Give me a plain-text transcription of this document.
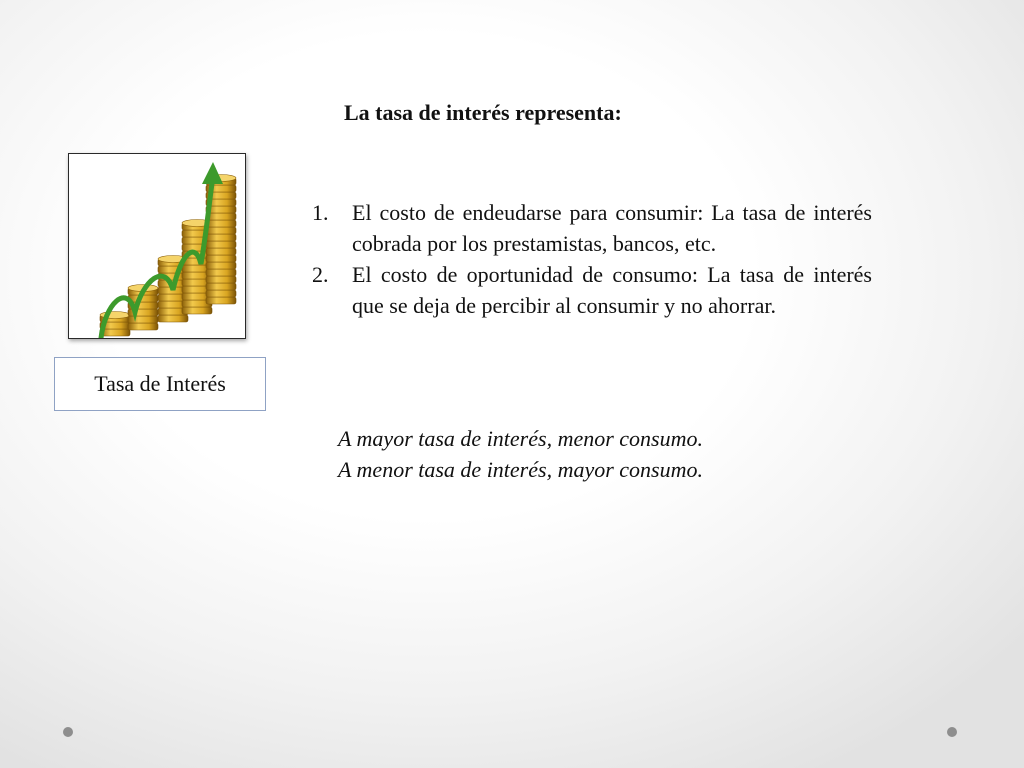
La tasa de interés representa:
Tasa de Interés
1. El costo de endeudarse para consumir: La tasa de interés cobrada por los prestamistas, bancos, etc.
2. El costo de oportunidad de consumo: La tasa de interés que se deja de percibir al consumir y no ahorrar.
A mayor tasa de interés, menor consumo.
A menor tasa de interés, mayor consumo.
